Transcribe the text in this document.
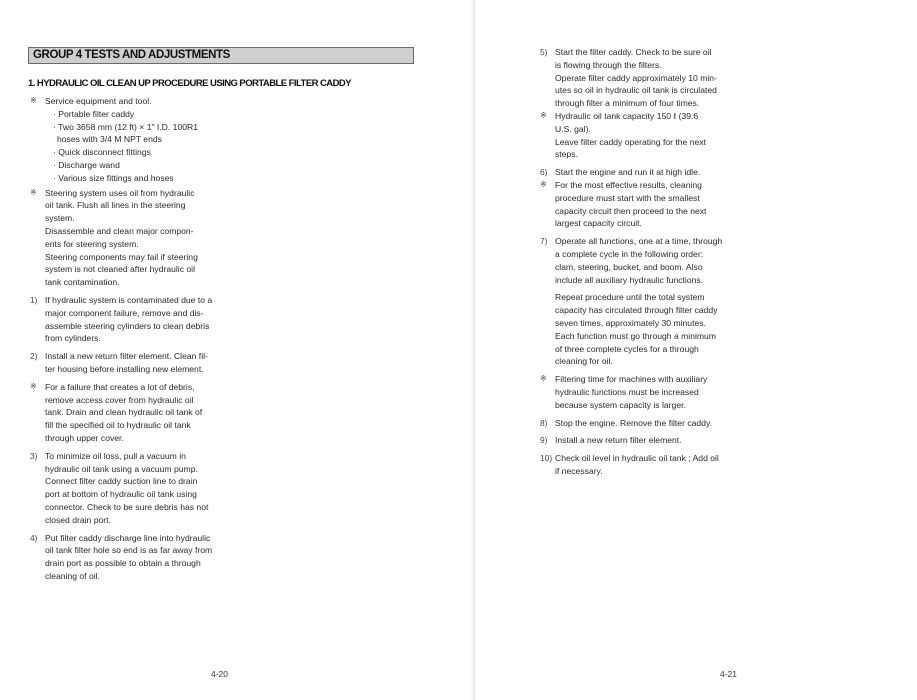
GROUP 4 TESTS AND ADJUSTMENTS
1. HYDRAULIC OIL CLEAN UP PROCEDURE USING PORTABLE FILTER CADDY
※ Service equipment and tool.

· Portable filter caddy

· Two 3658 mm (12 ft) × 1" I.D. 100R1

hoses with 3/4 M NPT ends

· Quick disconnect fittings

· Discharge wand

· Various size fittings and hoses

※ Steering system uses oil from hydraulic

oil tank. Flush all lines in the steering

system.

Disassemble and clean major compon-

ents for steering system.

Steering components may fail if steering

system is not cleaned after hydraulic oil

tank contamination.

1) If hydraulic system is contaminated due to a

major component failure, remove and dis-

assemble steering cylinders to clean debris

from cylinders.

2) Install a new return filter element. Clean fil-

ter housing before installing new element.

※ For a failure that creates a lot of debris,

remove access cover from hydraulic oil

tank. Drain and clean hydraulic oil tank of

fill the specified oil to hydraulic oil tank

through upper cover.

3) To minimize oil loss, pull a vacuum in

hydraulic oil tank using a vacuum pump.

Connect filter caddy suction line to drain

port at bottom of hydraulic oil tank using

connector. Check to be sure debris has not

closed drain port.

4) Put filter caddy discharge line into hydraulic

oil tank filter hole so end is as far away from

drain port as possible to obtain a through

cleaning of oil.

4-20
5) Start the filter caddy. Check to be sure oil

is flowing through the filters.

Operate filter caddy approximately 10 min-

utes so oil in hydraulic oil tank is circulated

through filter a minimum of four times.

※ Hydraulic oil tank capacity 150 ℓ (39.6

U.S. gal).

Leave filter caddy operating for the next

steps.

6) Start the engine and run it at high idle.

※ For the most effective results, cleaning

procedure must start with the smallest

capacity circuit then proceed to the next

largest capacity circuit.

7) Operate all functions, one at a time, through

a complete cycle in the following order:

clam, steering, bucket, and boom. Also

include all auxiliary hydraulic functions.

Repeat procedure until the total system

capacity has circulated through filter caddy

seven times, approximately 30 minutes.

Each function must go through a minimum

of three complete cycles for a through

cleaning for oil.

※ Filtering time for machines with auxiliary

hydraulic functions must be increased

because system capacity is larger.

8) Stop the engine. Remove the filter caddy.

9) Install a new return filter element.

10) Check oil level in hydraulic oil tank ; Add oil

if necessary.

4-21
